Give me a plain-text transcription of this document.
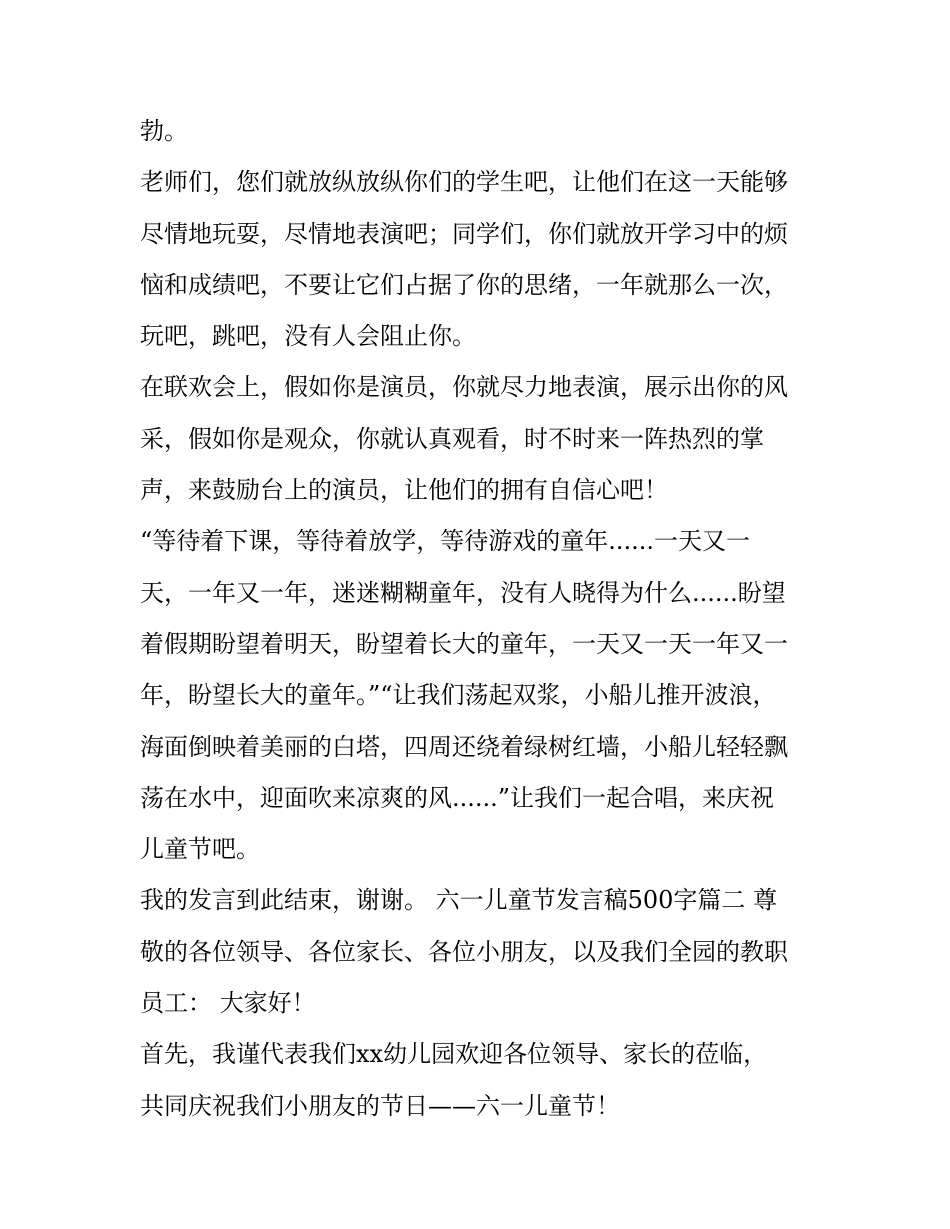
勃。
老师们，您们就放纵放纵你们的学生吧，让他们在这一天能够
尽情地玩耍，尽情地表演吧；同学们，你们就放开学习中的烦
恼和成绩吧，不要让它们占据了你的思绪，一年就那么一次，
玩吧，跳吧，没有人会阻止你。
在联欢会上，假如你是演员，你就尽力地表演，展示出你的风
采，假如你是观众，你就认真观看，时不时来一阵热烈的掌
声，来鼓励台上的演员，让他们的拥有自信心吧！
“等待着下课，等待着放学，等待游戏的童年......一天又一
天，一年又一年，迷迷糊糊童年，没有人晓得为什么......盼望
着假期盼望着明天，盼望着长大的童年，一天又一天一年又一
年，盼望长大的童年。”“让我们荡起双浆，小船儿推开波浪，
海面倒映着美丽的白塔，四周还绕着绿树红墙，小船儿轻轻飘
荡在水中，迎面吹来凉爽的风......”让我们一起合唱，来庆祝
儿童节吧。
我的发言到此结束，谢谢。 六一儿童节发言稿500字篇二 尊
敬的各位领导、各位家长、各位小朋友，以及我们全园的教职
员工： 大家好！
首先，我谨代表我们xx幼儿园欢迎各位领导、家长的莅临，
共同庆祝我们小朋友的节日——六一儿童节！
